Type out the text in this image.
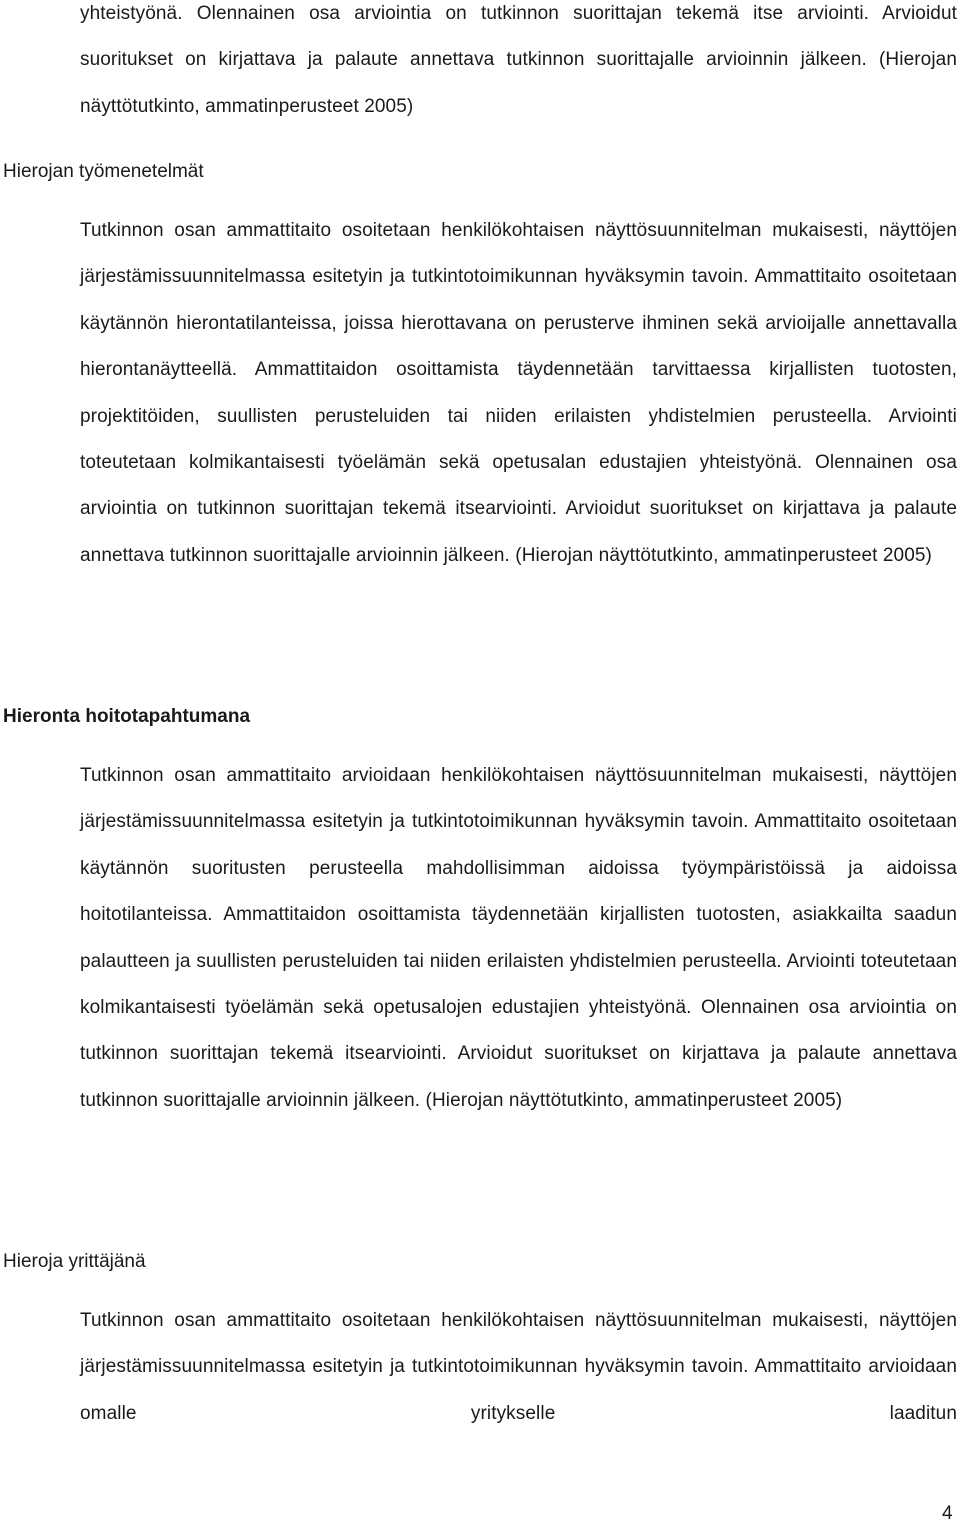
yhteistyönä. Olennainen osa arviointia on tutkinnon suorittajan tekemä itse arviointi. Arvioidut suoritukset on kirjattava ja palaute annettava tutkinnon suorittajalle arvioinnin jälkeen. (Hierojan näyttötutkinto, ammatinperusteet 2005)

Hierojan työmenetelmät

Tutkinnon osan ammattitaito osoitetaan henkilökohtaisen näyttösuunnitelman mukaisesti, näyttöjen järjestämissuunnitelmassa esitetyin ja tutkintotoimikunnan hyväksymin tavoin. Ammattitaito osoitetaan käytännön hierontatilanteissa, joissa hierottavana on perusterve ihminen sekä arvioijalle annettavalla hierontanäytteellä. Ammattitaidon osoittamista täydennetään tarvittaessa kirjallisten tuotosten, projektitöiden, suullisten perusteluiden tai niiden erilaisten yhdistelmien perusteella. Arviointi toteutetaan kolmikantaisesti työelämän sekä opetusalan edustajien yhteistyönä. Olennainen osa arviointia on tutkinnon suorittajan tekemä itsearviointi. Arvioidut suoritukset on kirjattava ja palaute annettava tutkinnon suorittajalle arvioinnin jälkeen. (Hierojan näyttötutkinto, ammatinperusteet 2005)

Hieronta hoitotapahtumana

Tutkinnon osan ammattitaito arvioidaan henkilökohtaisen näyttösuunnitelman mukaisesti, näyttöjen järjestämissuunnitelmassa esitetyin ja tutkintotoimikunnan hyväksymin tavoin. Ammattitaito osoitetaan käytännön suoritusten perusteella mahdollisimman aidoissa työympäristöissä ja aidoissa hoitotilanteissa. Ammattitaidon osoittamista täydennetään kirjallisten tuotosten, asiakkailta saadun palautteen ja suullisten perusteluiden tai niiden erilaisten yhdistelmien perusteella. Arviointi toteutetaan kolmikantaisesti työelämän sekä opetusalojen edustajien yhteistyönä. Olennainen osa arviointia on tutkinnon suorittajan tekemä itsearviointi. Arvioidut suoritukset on kirjattava ja palaute annettava tutkinnon suorittajalle arvioinnin jälkeen. (Hierojan näyttötutkinto, ammatinperusteet 2005)

Hieroja yrittäjänä

Tutkinnon osan ammattitaito osoitetaan henkilökohtaisen näyttösuunnitelman mukaisesti, näyttöjen järjestämissuunnitelmassa esitetyin ja tutkintotoimikunnan hyväksymin tavoin. Ammattitaito arvioidaan omalle yritykselle laaditun

4
